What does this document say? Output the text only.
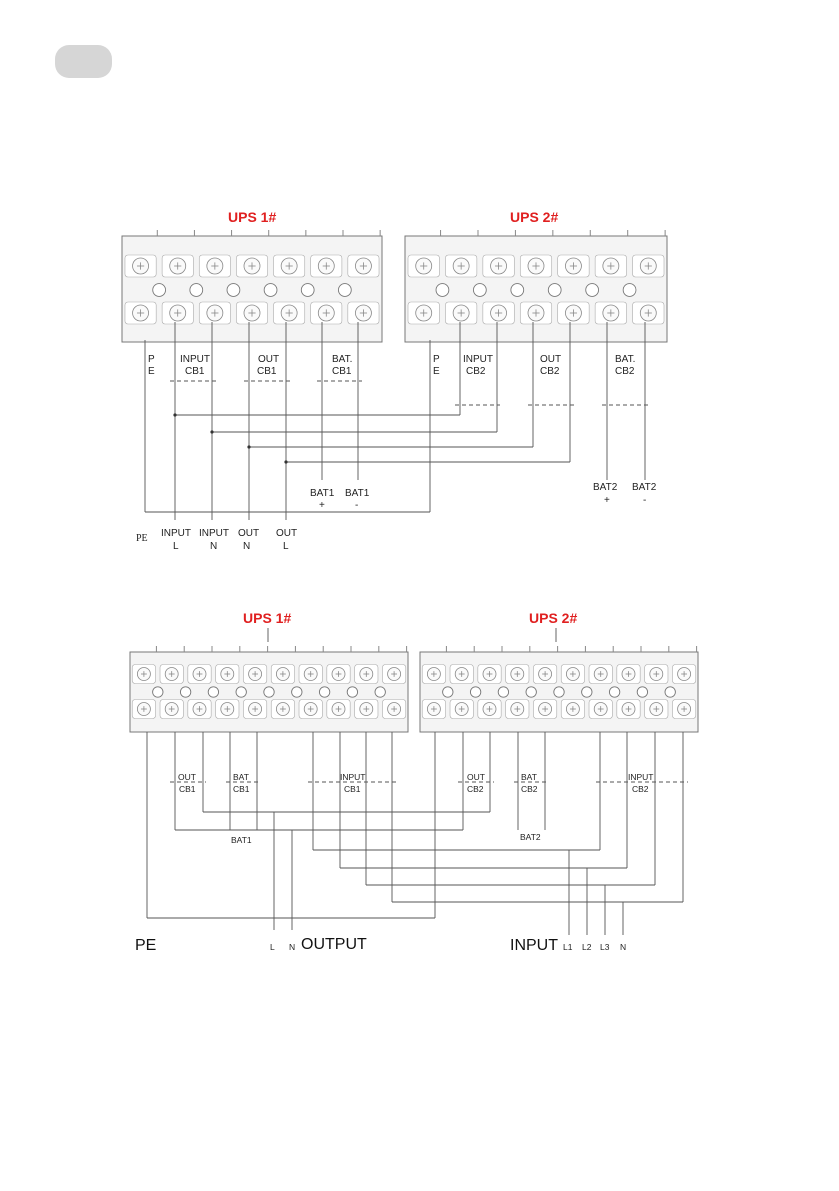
UPS 1#	UPS 2#
P
E
INPUT
CB1
OUT
CB1
BAT.
CB1
P
E
INPUT
CB2
OUT
CB2
BAT.
CB2
BAT1
+
BAT1
-
BAT2
+
BAT2
-
PE INPUT
L
INPUT
N
OUT
N
OUT
L
UPS 1#	UPS 2#
OUT
CB1
BAT
CB1
INPUT
CB1
OUT
CB2
BAT
CB2
INPUT
CB2
BAT1	BAT2
PE	L N OUTPUT	INPUT L1 L2 L3 N
